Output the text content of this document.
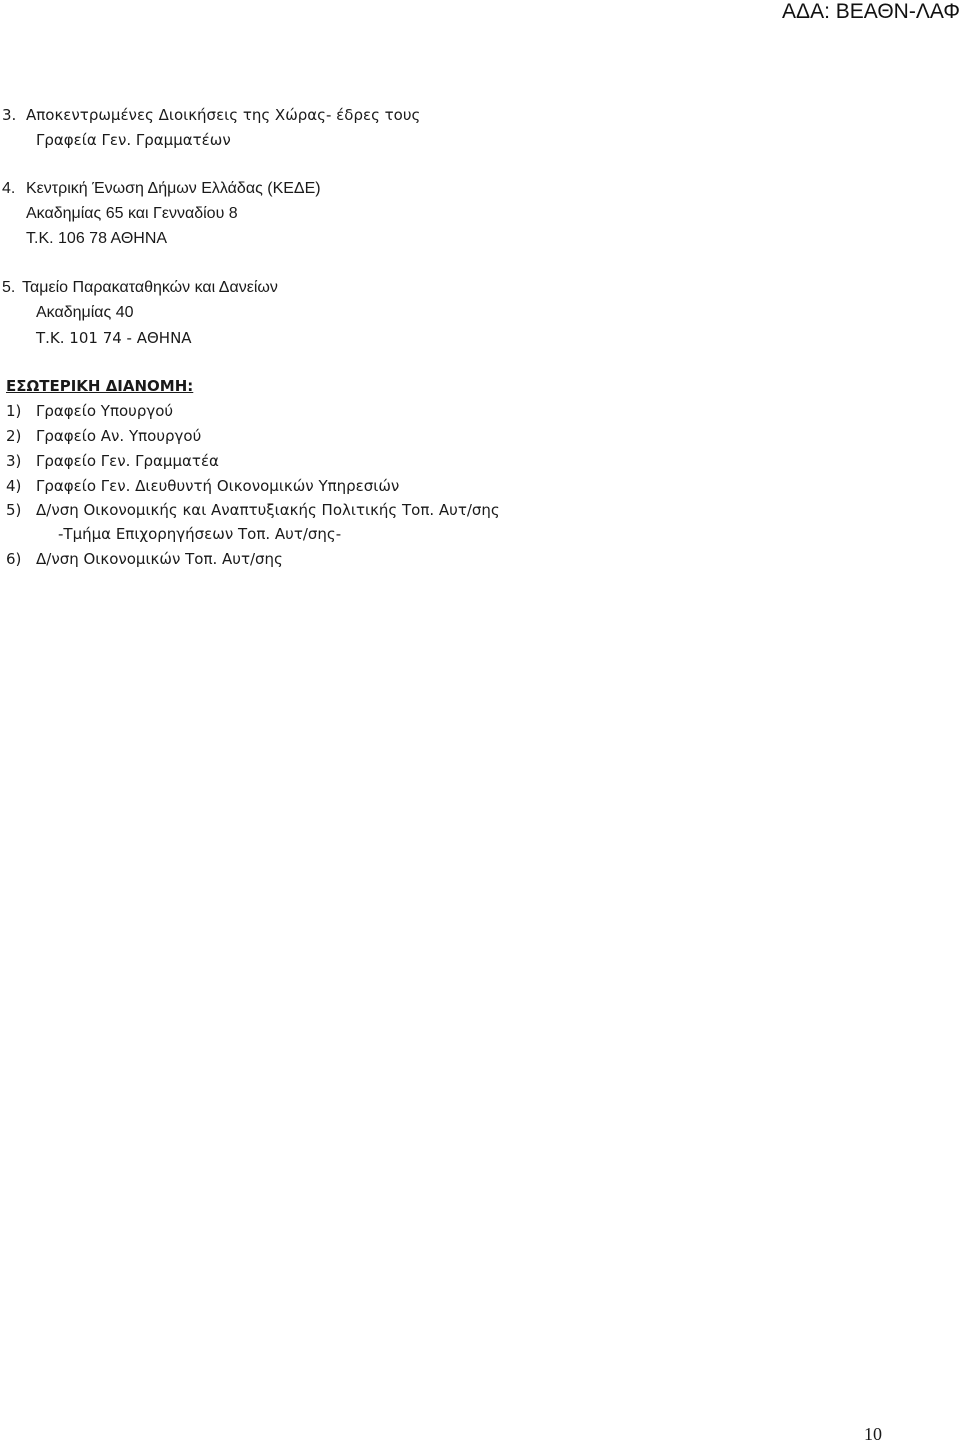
ΑΔΑ: ΒΕΑΘΝ-ΛΑΦ
3. Αποκεντρωμένες Διοικήσεις της Χώρας- έδρες τους
Γραφεία Γεν. Γραμματέων
4. Κεντρική Ένωση Δήμων Ελλάδας (ΚΕΔΕ)
Ακαδημίας 65 και Γενναδίου 8
Τ.Κ. 106 78 ΑΘΗΝΑ
5. Ταμείο Παρακαταθηκών και Δανείων
Ακαδημίας 40
Τ.Κ. 101 74 - ΑΘΗΝΑ
ΕΣΩΤΕΡΙΚΗ ΔΙΑΝΟΜΗ:
1) Γραφείο Υπουργού
2) Γραφείο Αν. Υπουργού
3) Γραφείο Γεν. Γραμματέα
4) Γραφείο Γεν. Διευθυντή Οικονομικών Υπηρεσιών
5) Δ/νση Οικονομικής και Αναπτυξιακής Πολιτικής Τοπ. Αυτ/σης
-Τμήμα Επιχορηγήσεων Τοπ. Αυτ/σης-
6) Δ/νση Οικονομικών Τοπ. Αυτ/σης
10
